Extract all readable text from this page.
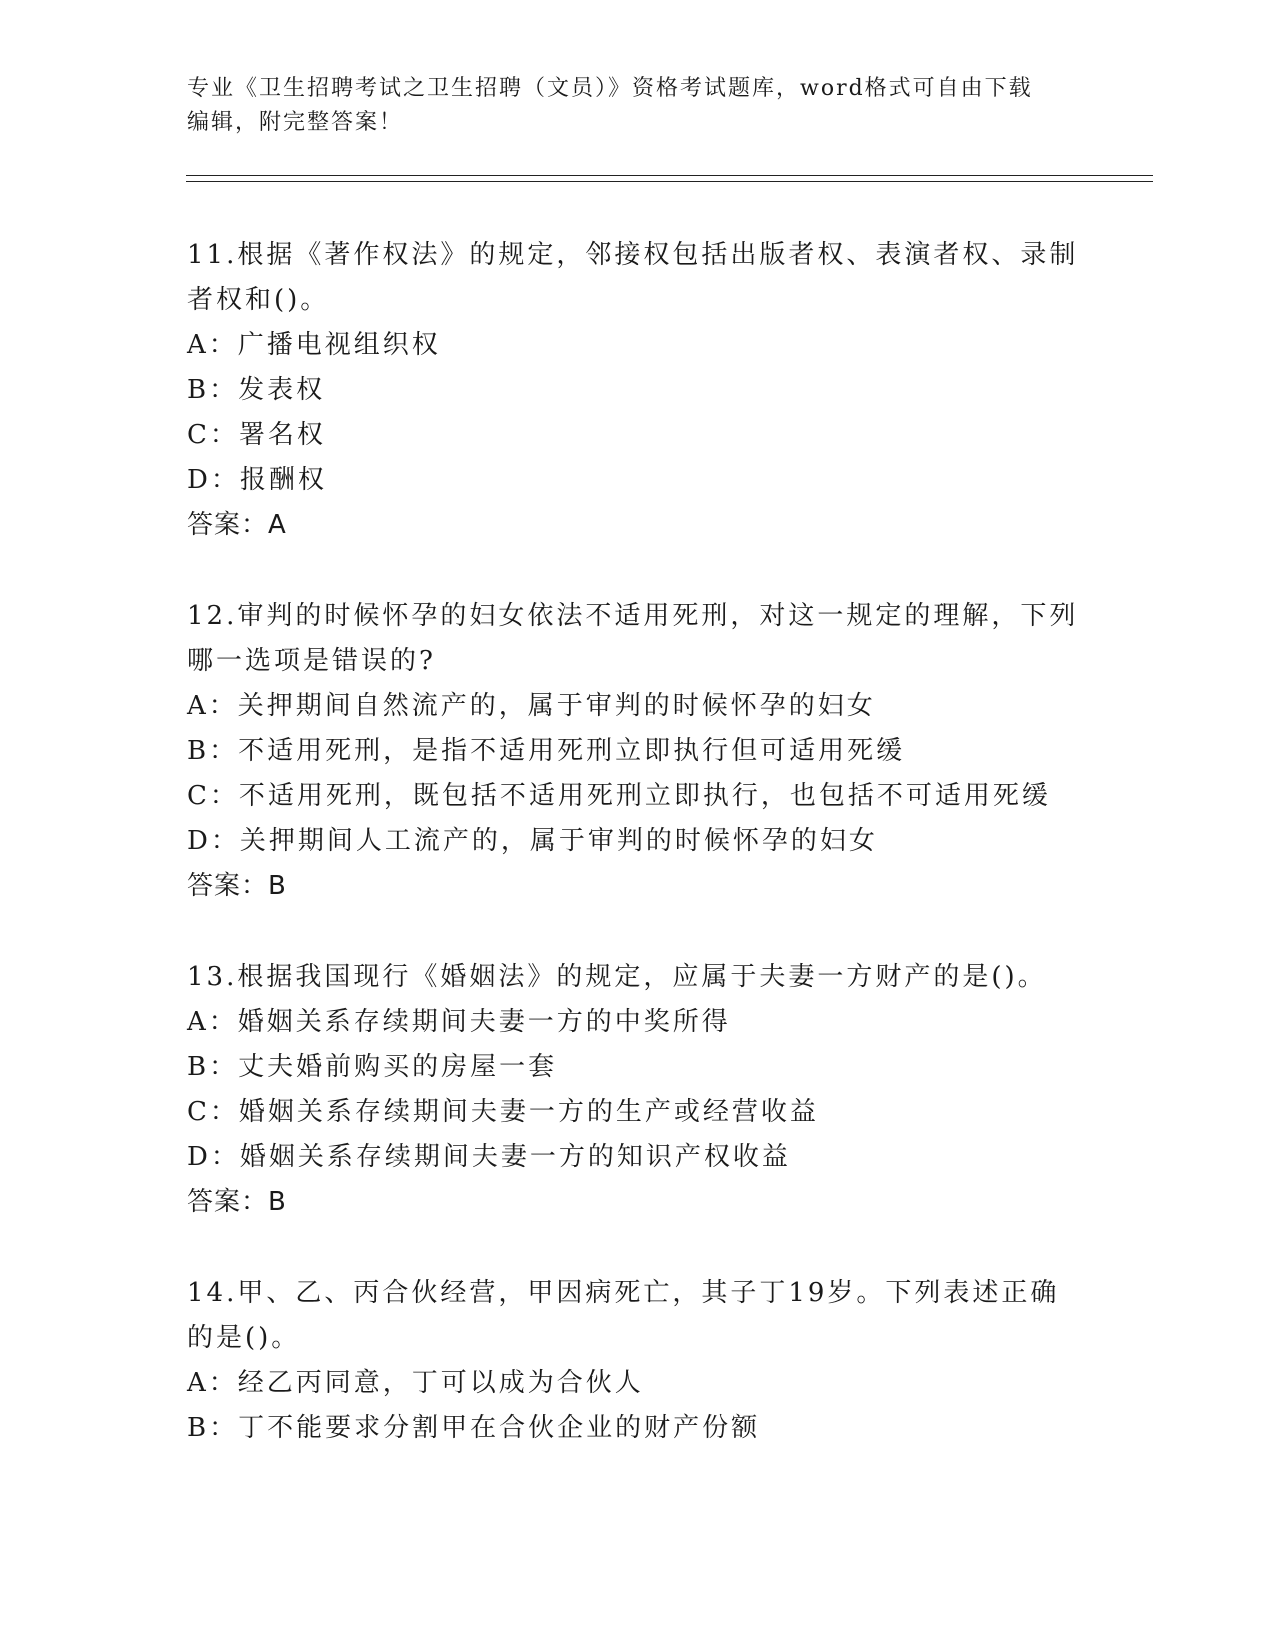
专业《卫生招聘考试之卫生招聘（文员）》资格考试题库，word格式可自由下载
编辑，附完整答案！
11.根据《著作权法》的规定，邻接权包括出版者权、表演者权、录制
者权和()。
A：广播电视组织权
B：发表权
C：署名权
D：报酬权
答案：A
12.审判的时候怀孕的妇女依法不适用死刑，对这一规定的理解，下列
哪一选项是错误的?
A：关押期间自然流产的，属于审判的时候怀孕的妇女
B：不适用死刑，是指不适用死刑立即执行但可适用死缓
C：不适用死刑，既包括不适用死刑立即执行，也包括不可适用死缓
D：关押期间人工流产的，属于审判的时候怀孕的妇女
答案：B
13.根据我国现行《婚姻法》的规定，应属于夫妻一方财产的是()。
A：婚姻关系存续期间夫妻一方的中奖所得
B：丈夫婚前购买的房屋一套
C：婚姻关系存续期间夫妻一方的生产或经营收益
D：婚姻关系存续期间夫妻一方的知识产权收益
答案：B
14.甲、乙、丙合伙经营，甲因病死亡，其子丁19岁。下列表述正确
的是()。
A：经乙丙同意，丁可以成为合伙人
B：丁不能要求分割甲在合伙企业的财产份额
